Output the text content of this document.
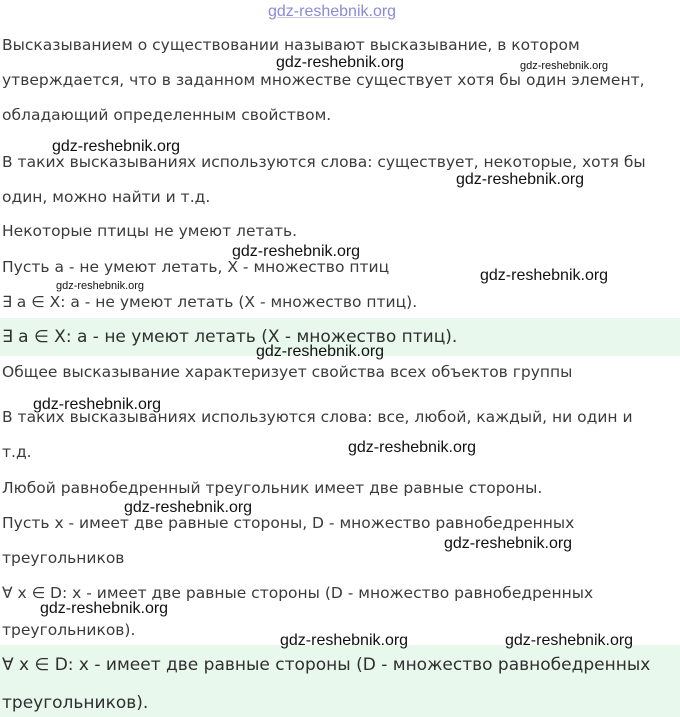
Высказыванием о существовании называют высказывание, в котором
утверждается, что в заданном множестве существует хотя бы один элемент,
обладающий определенным свойством.
В таких высказываниях используются слова: существует, некоторые, хотя бы
один, можно найти и т.д.
Некоторые птицы не умеют летать.
Пусть а - не умеют летать, X - множество птиц
∃ a ∈ X: a - не умеют летать (X - множество птиц).
∃ a ∈ X: a - не умеют летать (X - множество птиц).
Общее высказывание характеризует свойства всех объектов группы
В таких высказываниях используются слова: все, любой, каждый, ни один и
т.д.
Любой равнобедренный треугольник имеет две равные стороны.
Пусть x - имеет две равные стороны, D - множество равнобедренных
треугольников
∀ x ∈ D: x - имеет две равные стороны (D - множество равнобедренных
треугольников).
∀ x ∈ D: x - имеет две равные стороны (D - множество равнобедренных
треугольников).
gdz-reshebnik.org
gdz-reshebnik.org	gdz-reshebnik.org
gdz-reshebnik.org
gdz-reshebnik.org
gdz-reshebnik.org
gdz-reshebnik.org
gdz-reshebnik.org
gdz-reshebnik.org
gdz-reshebnik.org
gdz-reshebnik.org
gdz-reshebnik.org
gdz-reshebnik.org
gdz-reshebnik.org
gdz-reshebnik.org	gdz-reshebnik.org
